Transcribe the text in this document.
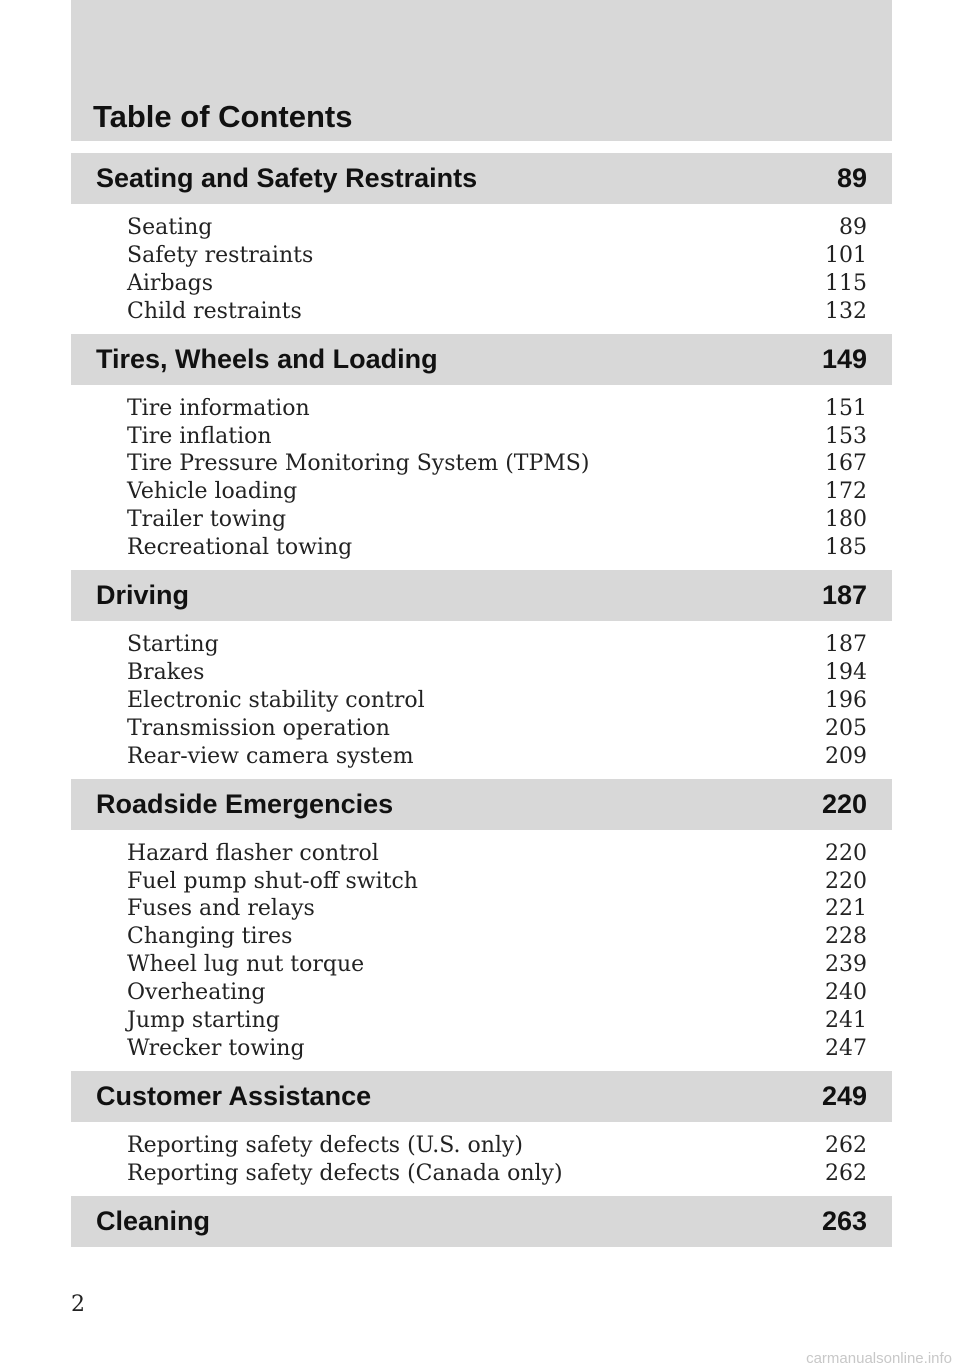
Table of Contents
Seating and Safety Restraints	89
Seating	89
Safety restraints	101
Airbags	115
Child restraints	132
Tires, Wheels and Loading	149
Tire information	151
Tire inflation	153
Tire Pressure Monitoring System (TPMS)	167
Vehicle loading	172
Trailer towing	180
Recreational towing	185
Driving	187
Starting	187
Brakes	194
Electronic stability control	196
Transmission operation	205
Rear-view camera system	209
Roadside Emergencies	220
Hazard flasher control	220
Fuel pump shut-off switch	220
Fuses and relays	221
Changing tires	228
Wheel lug nut torque	239
Overheating	240
Jump starting	241
Wrecker towing	247
Customer Assistance	249
Reporting safety defects (U.S. only)	262
Reporting safety defects (Canada only)	262
Cleaning	263
2
carmanualsonline.info
